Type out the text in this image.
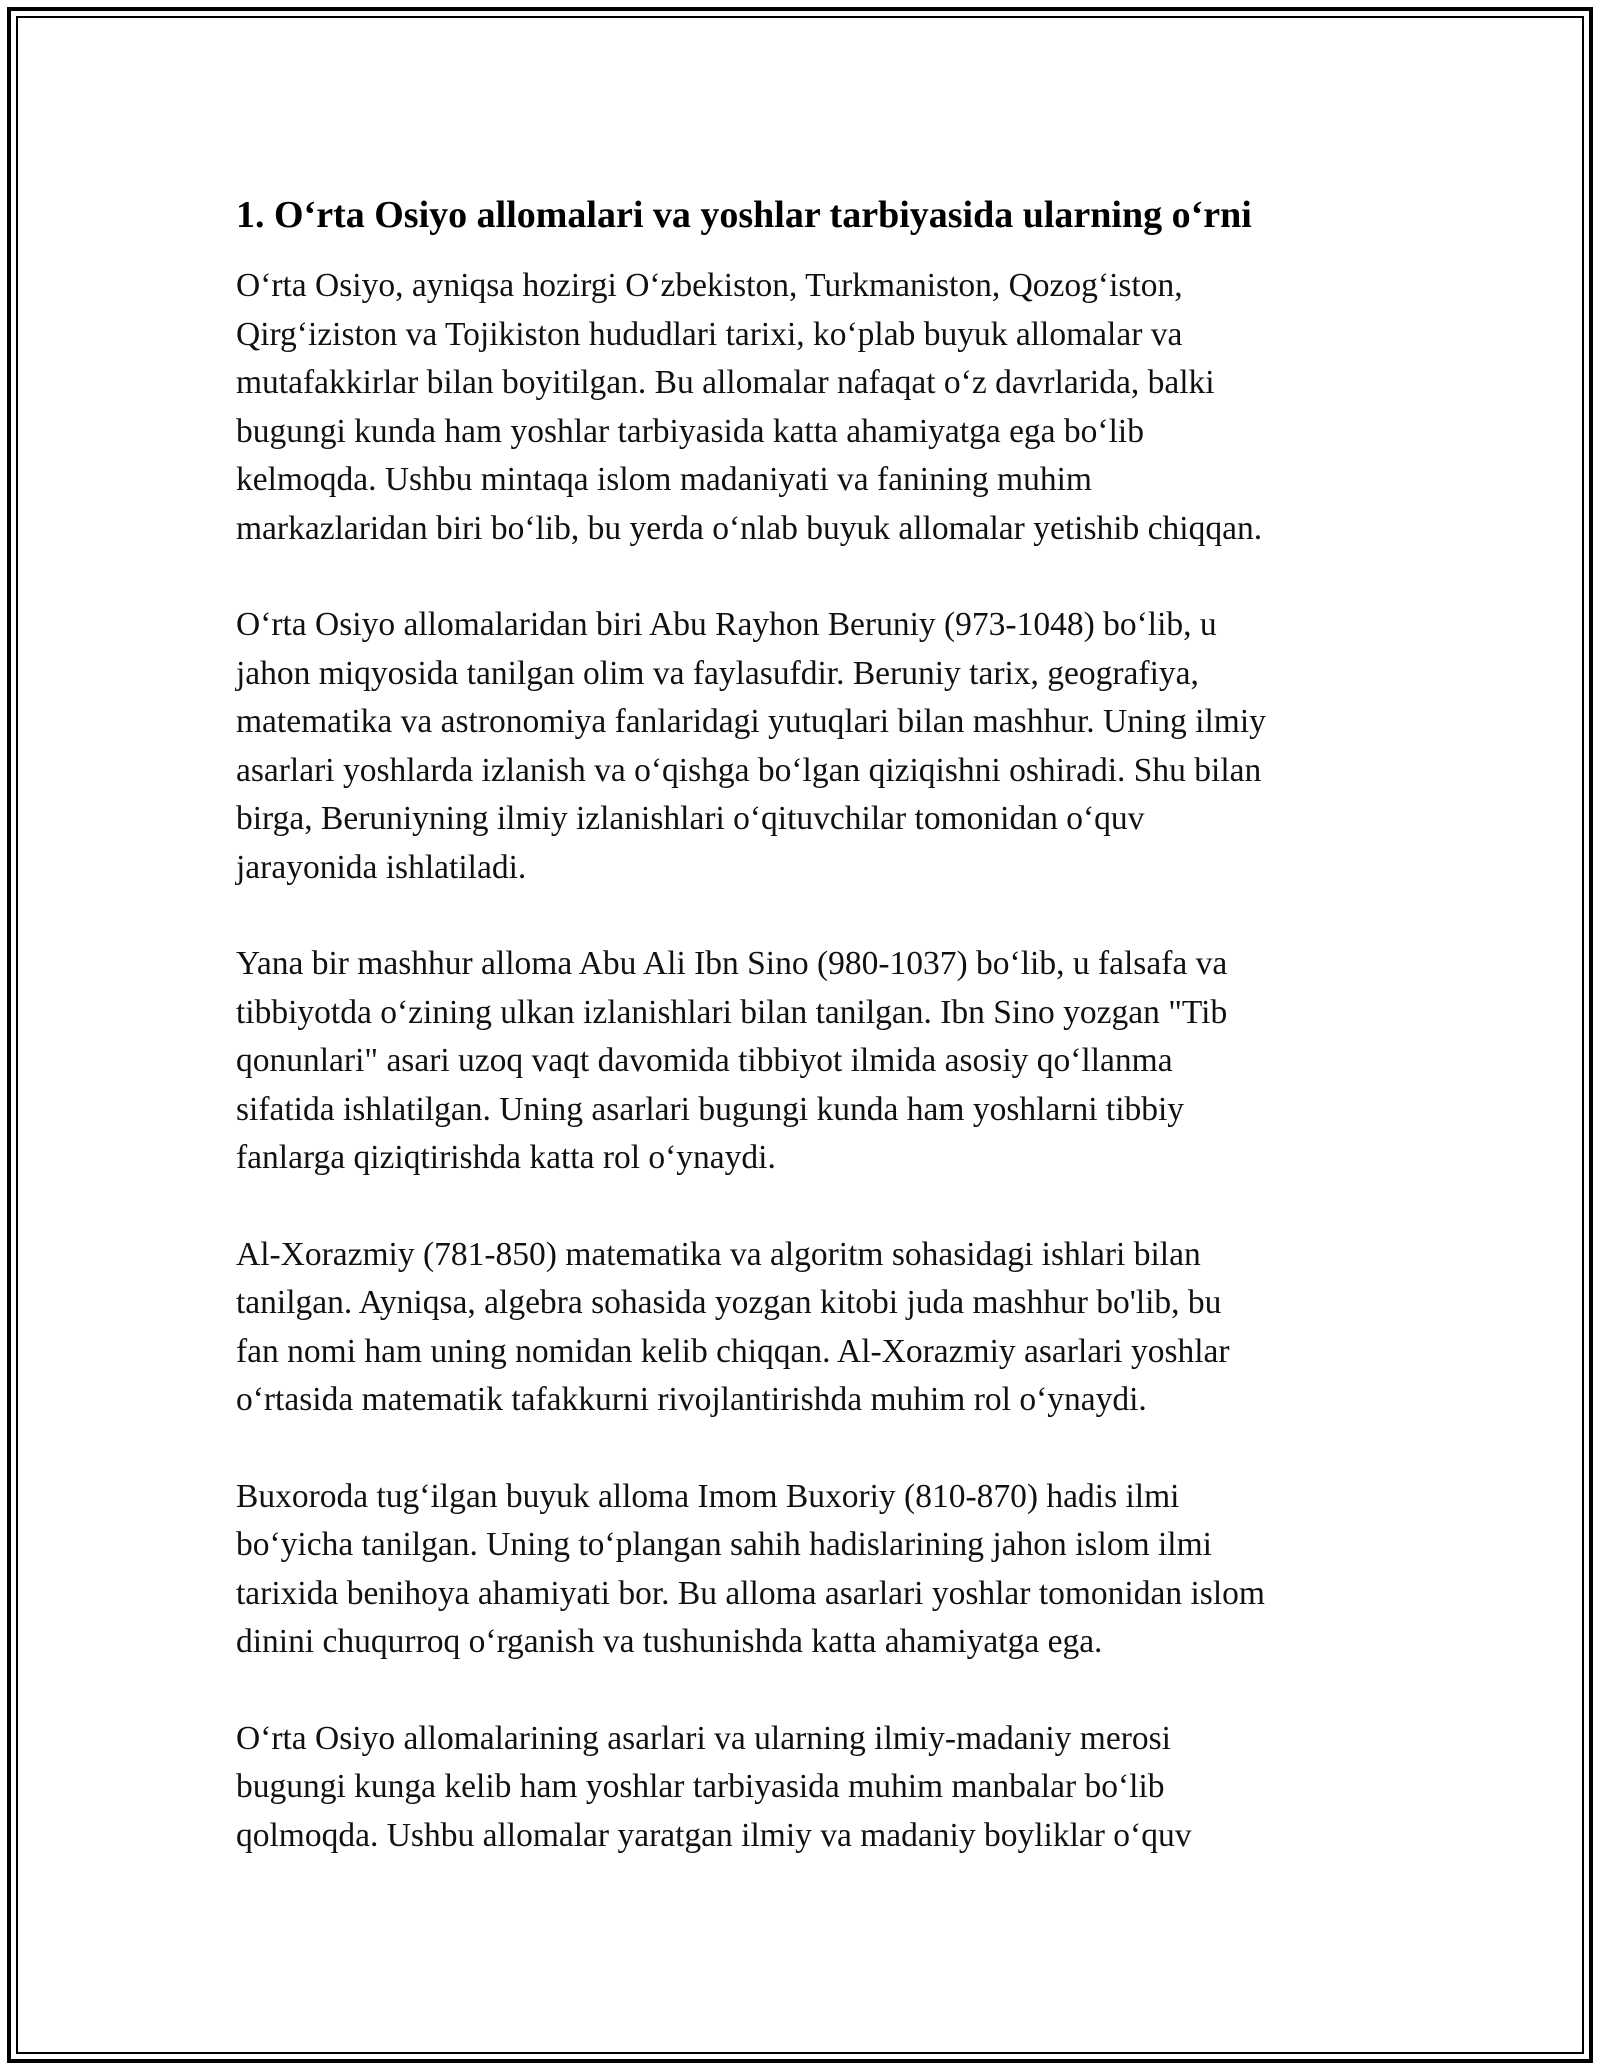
1. O‘rta Osiyo allomalari va yoshlar tarbiyasida ularning o‘rni

O‘rta Osiyo, ayniqsa hozirgi O‘zbekiston, Turkmaniston, Qozog‘iston,
Qirg‘iziston va Tojikiston hududlari tarixi, ko‘plab buyuk allomalar va
mutafakkirlar bilan boyitilgan. Bu allomalar nafaqat o‘z davrlarida, balki
bugungi kunda ham yoshlar tarbiyasida katta ahamiyatga ega bo‘lib
kelmoqda. Ushbu mintaqa islom madaniyati va fanining muhim
markazlaridan biri bo‘lib, bu yerda o‘nlab buyuk allomalar yetishib chiqqan.

O‘rta Osiyo allomalaridan biri Abu Rayhon Beruniy (973-1048) bo‘lib, u
jahon miqyosida tanilgan olim va faylasufdir. Beruniy tarix, geografiya,
matematika va astronomiya fanlaridagi yutuqlari bilan mashhur. Uning ilmiy
asarlari yoshlarda izlanish va o‘qishga bo‘lgan qiziqishni oshiradi. Shu bilan
birga, Beruniyning ilmiy izlanishlari o‘qituvchilar tomonidan o‘quv
jarayonida ishlatiladi.

Yana bir mashhur alloma Abu Ali Ibn Sino (980-1037) bo‘lib, u falsafa va
tibbiyotda o‘zining ulkan izlanishlari bilan tanilgan. Ibn Sino yozgan "Tib
qonunlari" asari uzoq vaqt davomida tibbiyot ilmida asosiy qo‘llanma
sifatida ishlatilgan. Uning asarlari bugungi kunda ham yoshlarni tibbiy
fanlarga qiziqtirishda katta rol o‘ynaydi.

Al-Xorazmiy (781-850) matematika va algoritm sohasidagi ishlari bilan
tanilgan. Ayniqsa, algebra sohasida yozgan kitobi juda mashhur bo'lib, bu
fan nomi ham uning nomidan kelib chiqqan. Al-Xorazmiy asarlari yoshlar
o‘rtasida matematik tafakkurni rivojlantirishda muhim rol o‘ynaydi.

Buxoroda tug‘ilgan buyuk alloma Imom Buxoriy (810-870) hadis ilmi
bo‘yicha tanilgan. Uning to‘plangan sahih hadislarining jahon islom ilmi
tarixida benihoya ahamiyati bor. Bu alloma asarlari yoshlar tomonidan islom
dinini chuqurroq o‘rganish va tushunishda katta ahamiyatga ega.

O‘rta Osiyo allomalarining asarlari va ularning ilmiy-madaniy merosi
bugungi kunga kelib ham yoshlar tarbiyasida muhim manbalar bo‘lib
qolmoqda. Ushbu allomalar yaratgan ilmiy va madaniy boyliklar o‘quv
